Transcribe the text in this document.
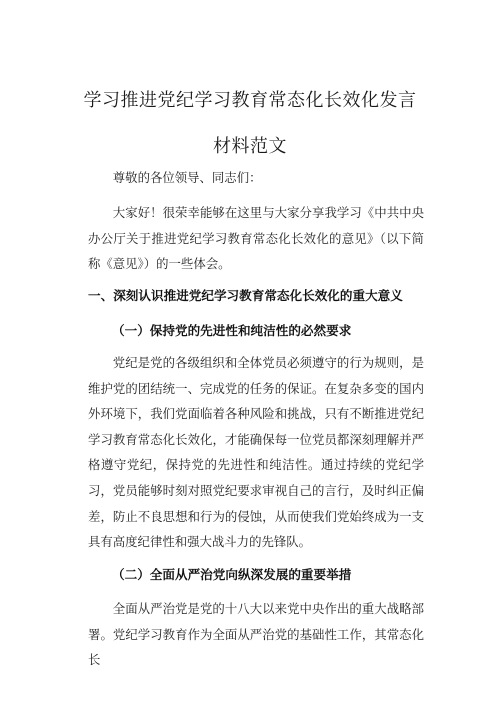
学习推进党纪学习教育常态化长效化发言
材料范文
尊敬的各位领导、同志们：
大家好！很荣幸能够在这里与大家分享我学习《中共中央办公厅关于推进党纪学习教育常态化长效化的意见》（以下简称《意见》）的一些体会。
一、深刻认识推进党纪学习教育常态化长效化的重大意义
（一）保持党的先进性和纯洁性的必然要求
党纪是党的各级组织和全体党员必须遵守的行为规则，是维护党的团结统一、完成党的任务的保证。在复杂多变的国内外环境下，我们党面临着各种风险和挑战，只有不断推进党纪学习教育常态化长效化，才能确保每一位党员都深刻理解并严格遵守党纪，保持党的先进性和纯洁性。通过持续的党纪学习，党员能够时刻对照党纪要求审视自己的言行，及时纠正偏差，防止不良思想和行为的侵蚀，从而使我们党始终成为一支具有高度纪律性和强大战斗力的先锋队。
（二）全面从严治党向纵深发展的重要举措
全面从严治党是党的十八大以来党中央作出的重大战略部署。党纪学习教育作为全面从严治党的基础性工作，其常态化长
